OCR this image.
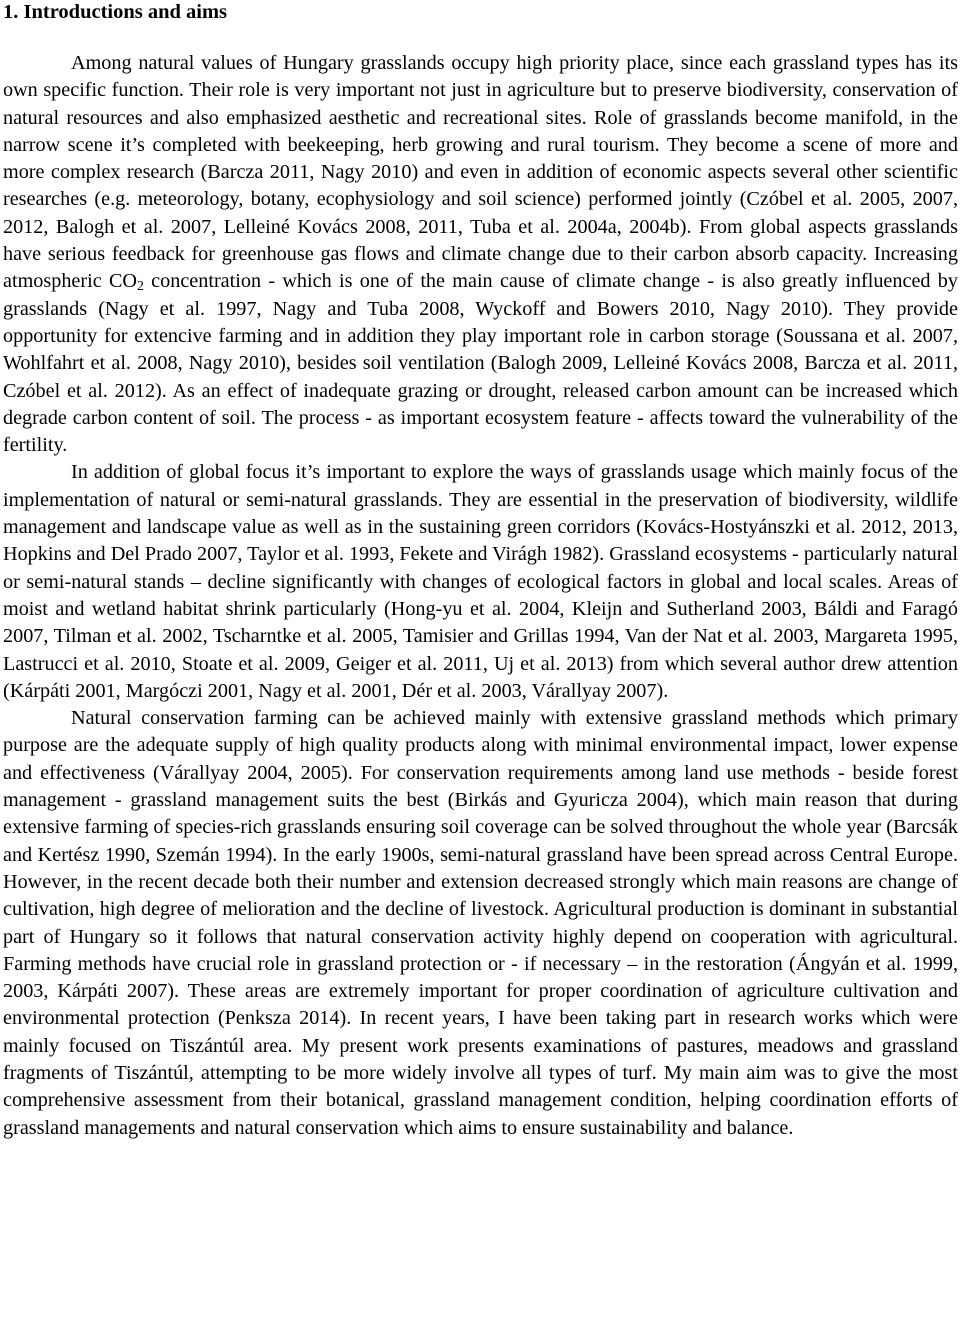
1. Introductions and aims

Among natural values of Hungary grasslands occupy high priority place, since each grassland types has its own specific function. Their role is very important not just in agriculture but to preserve biodiversity, conservation of natural resources and also emphasized aesthetic and recreational sites. Role of grasslands become manifold, in the narrow scene it’s completed with beekeeping, herb growing and rural tourism. They become a scene of more and more complex research (Barcza 2011, Nagy 2010) and even in addition of economic aspects several other scientific researches (e.g. meteorology, botany, ecophysiology and soil science) performed jointly (Czóbel et al. 2005, 2007, 2012, Balogh et al. 2007, Lelleiné Kovács 2008, 2011, Tuba et al. 2004a, 2004b). From global aspects grasslands have serious feedback for greenhouse gas flows and climate change due to their carbon absorb capacity. Increasing atmospheric $CO_2$ concentration - which is one of the main cause of climate change - is also greatly influenced by grasslands (Nagy et al. 1997, Nagy and Tuba 2008, Wyckoff and Bowers 2010, Nagy 2010). They provide opportunity for extencive farming and in addition they play important role in carbon storage (Soussana et al. 2007, Wohlfahrt et al. 2008, Nagy 2010), besides soil ventilation (Balogh 2009, Lelleiné Kovács 2008, Barcza et al. 2011, Czóbel et al. 2012). As an effect of inadequate grazing or drought, released carbon amount can be increased which degrade carbon content of soil. The process - as important ecosystem feature - affects toward the vulnerability of the fertility.

In addition of global focus it’s important to explore the ways of grasslands usage which mainly focus of the implementation of natural or semi-natural grasslands. They are essential in the preservation of biodiversity, wildlife management and landscape value as well as in the sustaining green corridors (Kovács-Hostyánszki et al. 2012, 2013, Hopkins and Del Prado 2007, Taylor et al. 1993, Fekete and Virágh 1982). Grassland ecosystems - particularly natural or semi-natural stands – decline significantly with changes of ecological factors in global and local scales. Areas of moist and wetland habitat shrink particularly (Hong-yu et al. 2004, Kleijn and Sutherland 2003, Báldi and Faragó 2007, Tilman et al. 2002, Tscharntke et al. 2005, Tamisier and Grillas 1994, Van der Nat et al. 2003, Margareta 1995, Lastrucci et al. 2010, Stoate et al. 2009, Geiger et al. 2011, Uj et al. 2013) from which several author drew attention (Kárpáti 2001, Margóczi 2001, Nagy et al. 2001, Dér et al. 2003, Várallyay 2007).

Natural conservation farming can be achieved mainly with extensive grassland methods which primary purpose are the adequate supply of high quality products along with minimal environmental impact, lower expense and effectiveness (Várallyay 2004, 2005). For conservation requirements among land use methods - beside forest management - grassland management suits the best (Birkás and Gyuricza 2004), which main reason that during extensive farming of species-rich grasslands ensuring soil coverage can be solved throughout the whole year (Barcsák and Kertész 1990, Szemán 1994). In the early 1900s, semi-natural grassland have been spread across Central Europe. However, in the recent decade both their number and extension decreased strongly which main reasons are change of cultivation, high degree of melioration and the decline of livestock. Agricultural production is dominant in substantial part of Hungary so it follows that natural conservation activity highly depend on cooperation with agricultural. Farming methods have crucial role in grassland protection or - if necessary – in the restoration (Ángyán et al. 1999, 2003, Kárpáti 2007). These areas are extremely important for proper coordination of agriculture cultivation and environmental protection (Penksza 2014). In recent years, I have been taking part in research works which were mainly focused on Tiszántúl area. My present work presents examinations of pastures, meadows and grassland fragments of Tiszántúl, attempting to be more widely involve all types of turf. My main aim was to give the most comprehensive assessment from their botanical, grassland management condition, helping coordination efforts of grassland managements and natural conservation which aims to ensure sustainability and balance.
